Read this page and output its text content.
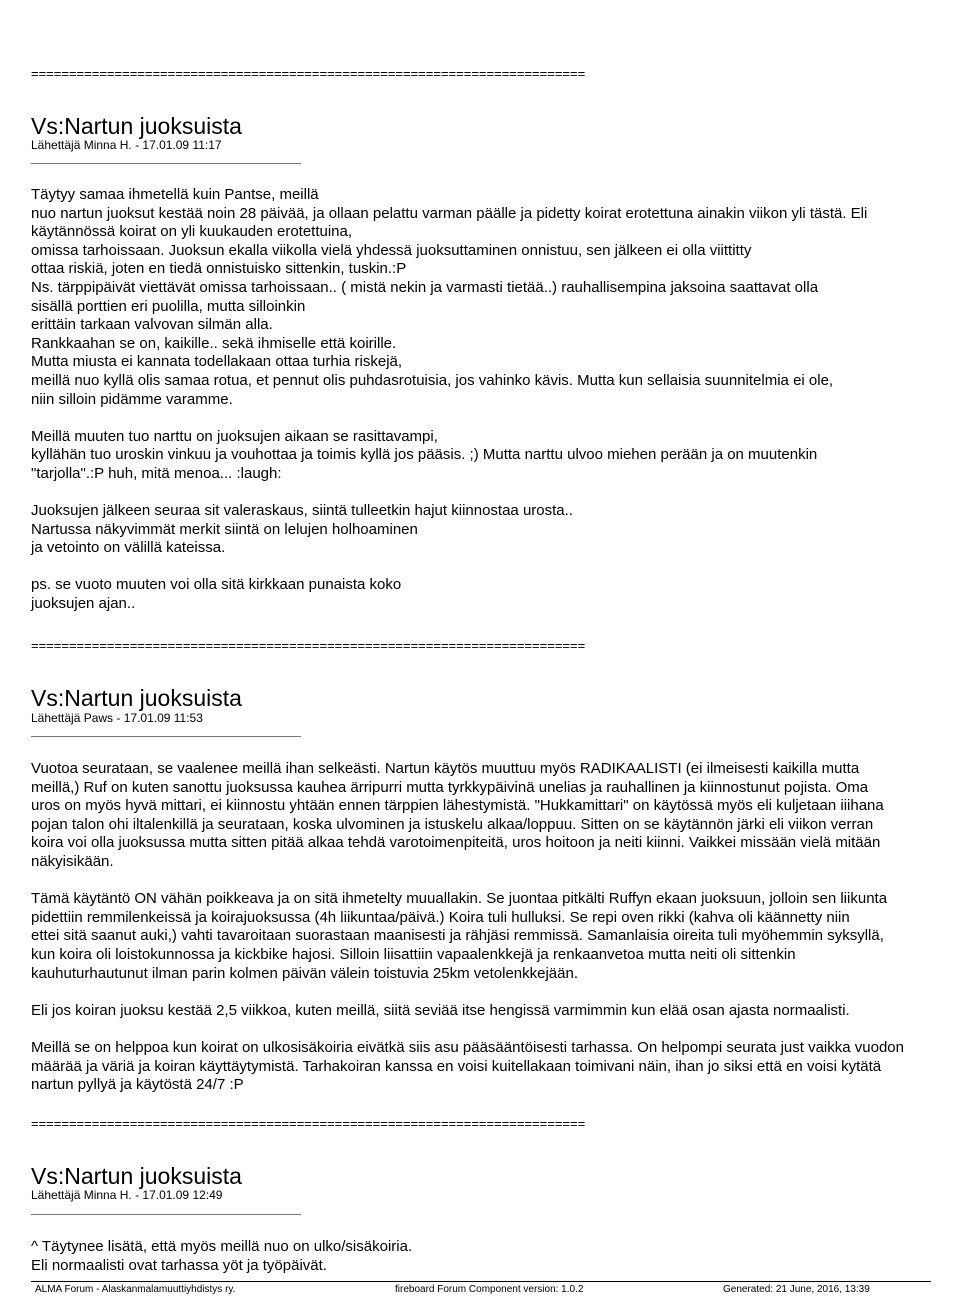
=========================================================================
Vs:Nartun juoksuista
Lähettäjä Minna H. - 17.01.09 11:17
Täytyy samaa ihmetellä kuin Pantse, meillä
nuo nartun juoksut kestää noin 28 päivää, ja ollaan pelattu varman päälle ja pidetty koirat erotettuna ainakin viikon yli tästä. Eli
käytännössä koirat on yli kuukauden erotettuina,
omissa tarhoissaan. Juoksun ekalla viikolla vielä yhdessä juoksuttaminen onnistuu, sen jälkeen ei olla viittitty
ottaa riskiä, joten en tiedä onnistuisko sittenkin, tuskin.:P
Ns. tärppipäivät viettävät omissa tarhoissaan.. ( mistä nekin ja varmasti tietää..) rauhallisempina jaksoina saattavat olla
sisällä porttien eri puolilla, mutta silloinkin
erittäin tarkaan valvovan silmän alla.
Rankkaahan se on, kaikille.. sekä ihmiselle että koirille.
Mutta miusta ei kannata todellakaan ottaa turhia riskejä,
meillä nuo kyllä olis samaa rotua, et pennut olis puhdasrotuisia, jos vahinko kävis. Mutta kun sellaisia suunnitelmia ei ole,
niin silloin pidämme varamme.
Meillä muuten tuo narttu on juoksujen aikaan se rasittavampi,
kyllähän tuo uroskin vinkuu ja vouhottaa ja toimis kyllä jos pääsis. ;) Mutta narttu ulvoo miehen perään ja on muutenkin
"tarjolla".:P huh, mitä menoa... :laugh:
Juoksujen jälkeen seuraa sit valeraskaus, siintä tulleetkin hajut kiinnostaa urosta..
Nartussa näkyvimmät merkit siintä on lelujen holhoaminen
ja vetointo on välillä kateissa.
ps. se vuoto muuten voi olla sitä kirkkaan punaista koko
juoksujen ajan..
=========================================================================
Vs:Nartun juoksuista
Lähettäjä Paws - 17.01.09 11:53
Vuotoa seurataan, se vaalenee meillä ihan selkeästi. Nartun käytös muuttuu myös RADIKAALISTI (ei ilmeisesti kaikilla mutta
meillä,) Ruf on kuten sanottu juoksussa kauhea ärripurri mutta tyrkkypäivinä unelias ja rauhallinen ja kiinnostunut pojista. Oma
uros on myös hyvä mittari, ei kiinnostu yhtään ennen tärppien lähestymistä. "Hukkamittari" on käytössä myös eli kuljetaan iiihana
pojan talon ohi iltalenkillä ja seurataan, koska ulvominen ja istuskelu alkaa/loppuu. Sitten on se käytännön järki eli viikon verran
koira voi olla juoksussa mutta sitten pitää alkaa tehdä varotoimenpiteitä, uros hoitoon ja neiti kiinni. Vaikkei missään vielä mitään
näkyisikään.
Tämä käytäntö ON vähän poikkeava ja on sitä ihmetelty muuallakin. Se juontaa pitkälti Ruffyn ekaan juoksuun, jolloin sen liikunta
pidettiin remmilenkeissä ja koirajuoksussa (4h liikuntaa/päivä.) Koira tuli hulluksi. Se repi oven rikki (kahva oli käännetty niin
ettei sitä saanut auki,) vahti tavaroitaan suorastaan maanisesti ja rähjäsi remmissä. Samanlaisia oireita tuli myöhemmin syksyllä,
kun koira oli loistokunnossa ja kickbike hajosi. Silloin liisattiin vapaalenkkejä ja renkaanvetoa mutta neiti oli sittenkin
kauhuturhautunut ilman parin kolmen päivän välein toistuvia 25km vetolenkkejään.
Eli jos koiran juoksu kestää 2,5 viikkoa, kuten meillä, siitä seviää itse hengissä varmimmin kun elää osan ajasta normaalisti.
Meillä se on helppoa kun koirat on ulkosisäkoiria eivätkä siis asu pääsääntöisesti tarhassa. On helpompi seurata just vaikka vuodon
määrää ja väriä ja koiran käyttäytymistä. Tarhakoiran kanssa en voisi kuitellakaan toimivani näin, ihan jo siksi että en voisi kytätä
nartun pyllyä ja käytöstä 24/7 :P
=========================================================================
Vs:Nartun juoksuista
Lähettäjä Minna H. - 17.01.09 12:49
^ Täytynee lisätä, että myös meillä nuo on ulko/sisäkoiria.
Eli normaalisti ovat tarhassa yöt ja työpäivät.
ALMA Forum - Alaskanmalamuuttiyhdistys ry.	fireboard Forum Component version: 1.0.2	Generated: 21 June, 2016, 13:39
